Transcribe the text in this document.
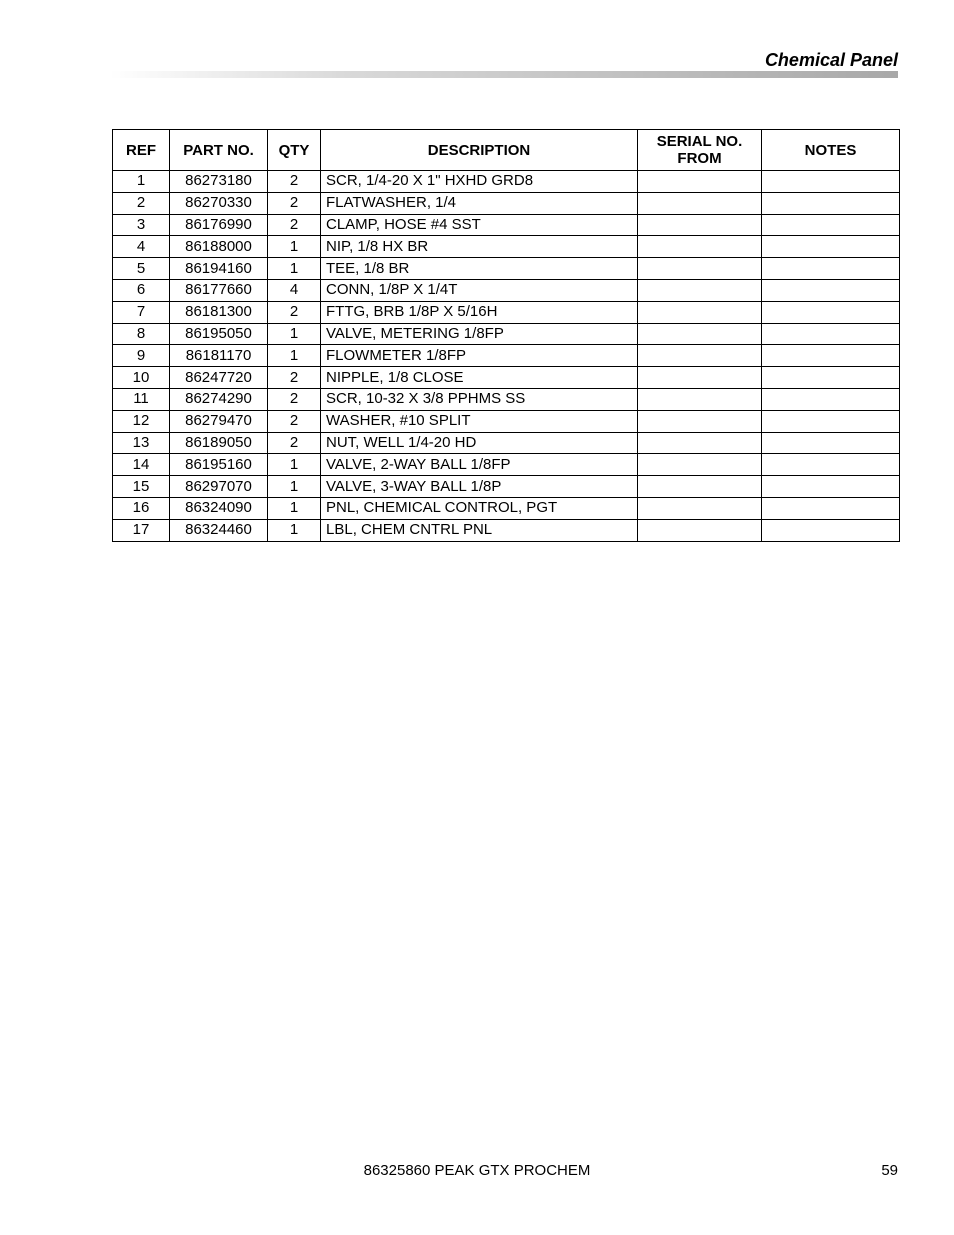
Chemical Panel
REF	PART NO.	QTY	DESCRIPTION	SERIAL NO. FROM	NOTES
1	86273180	2	SCR, 1/4-20 X 1" HXHD GRD8		
2	86270330	2	FLATWASHER, 1/4		
3	86176990	2	CLAMP, HOSE #4 SST		
4	86188000	1	NIP, 1/8 HX BR		
5	86194160	1	TEE, 1/8 BR		
6	86177660	4	CONN, 1/8P X 1/4T		
7	86181300	2	FTTG, BRB 1/8P X 5/16H		
8	86195050	1	VALVE, METERING 1/8FP		
9	86181170	1	FLOWMETER 1/8FP		
10	86247720	2	NIPPLE, 1/8 CLOSE		
11	86274290	2	SCR, 10-32 X 3/8 PPHMS SS		
12	86279470	2	WASHER, #10 SPLIT		
13	86189050	2	NUT, WELL 1/4-20 HD		
14	86195160	1	VALVE, 2-WAY BALL 1/8FP		
15	86297070	1	VALVE, 3-WAY BALL 1/8P		
16	86324090	1	PNL, CHEMICAL CONTROL, PGT		
17	86324460	1	LBL, CHEM CNTRL PNL		
86325860 PEAK GTX PROCHEM	59
